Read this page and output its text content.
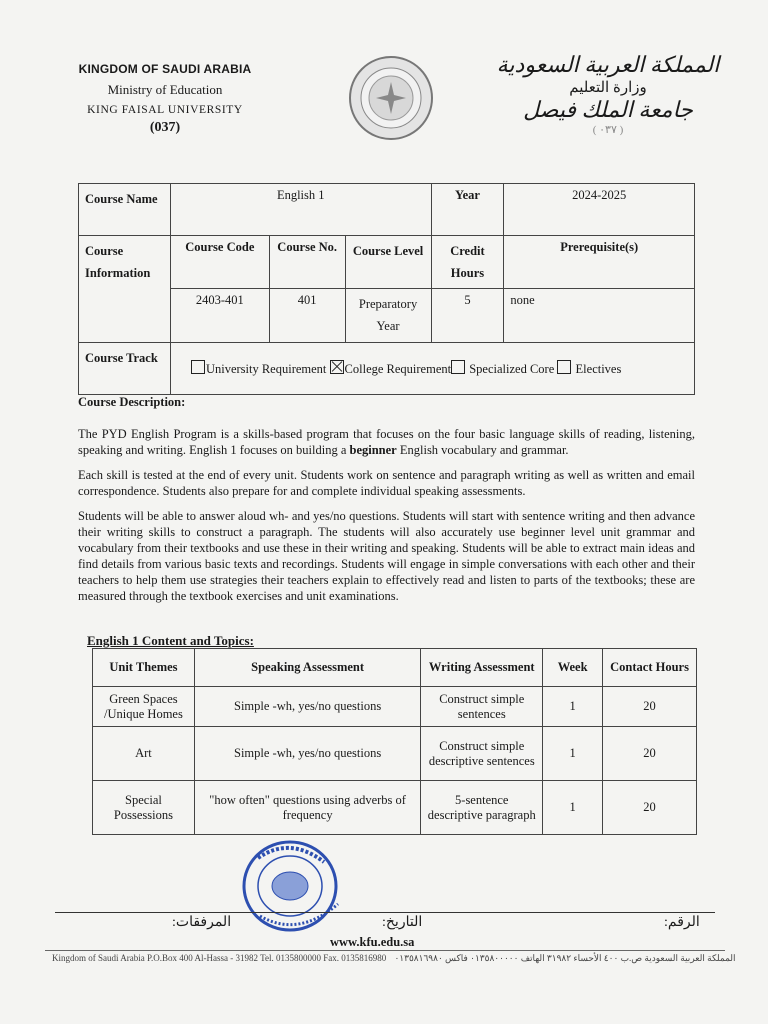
KINGDOM OF SAUDI ARABIA
Ministry of Education
KING FAISAL UNIVERSITY
(037)
المملكة العربية السعودية
وزارة التعليم
جامعة الملك فيصل
( ٠٣٧ )
Course Name	English 1			Year	2024-2025
Course Information	Course Code	Course No.	Course Level	Credit Hours	Prerequisite(s)
	2403-401	401	Preparatory Year	5	none
Course Track	University Requirement College Requirement Specialized Core Electives				

Course Description:

The PYD English Program is a skills-based program that focuses on the four basic language skills of reading, listening, speaking and writing. English 1 focuses on building a beginner English vocabulary and grammar.

Each skill is tested at the end of every unit. Students work on sentence and paragraph writing as well as written and email correspondence. Students also prepare for and complete individual speaking assessments.

Students will be able to answer aloud wh- and yes/no questions. Students will start with sentence writing and then advance their writing skills to construct a paragraph. The students will also accurately use beginner level unit grammar and vocabulary from their textbooks and use these in their writing and speaking. Students will be able to extract main ideas and find details from various basic texts and recordings. Students will engage in simple conversations with each other and their teachers to help them use strategies their teachers explain to effectively read and listen to parts of the textbooks; these are measured through the textbook exercises and unit examinations.

English 1 Content and Topics:
Unit Themes	Speaking Assessment	Writing Assessment	Week	Contact Hours
Green Spaces /Unique Homes	Simple -wh, yes/no questions	Construct simple sentences	1	20
Art	Simple -wh, yes/no questions	Construct simple descriptive sentences	1	20
Special Possessions	"how often" questions using adverbs of frequency	5-sentence descriptive paragraph	1	20
المرفقات:	التاريخ:	الرقم:
www.kfu.edu.sa
Kingdom of Saudi Arabia P.O.Box 400 Al-Hassa - 31982 Tel. 0135800000 Fax. 0135816980 المملكة العربية السعودية ص.ب ٤٠٠ الأحساء ٣١٩٨٢ الهاتف ٠١٣٥٨٠٠٠٠٠ فاكس ٠١٣٥٨١٦٩٨٠
